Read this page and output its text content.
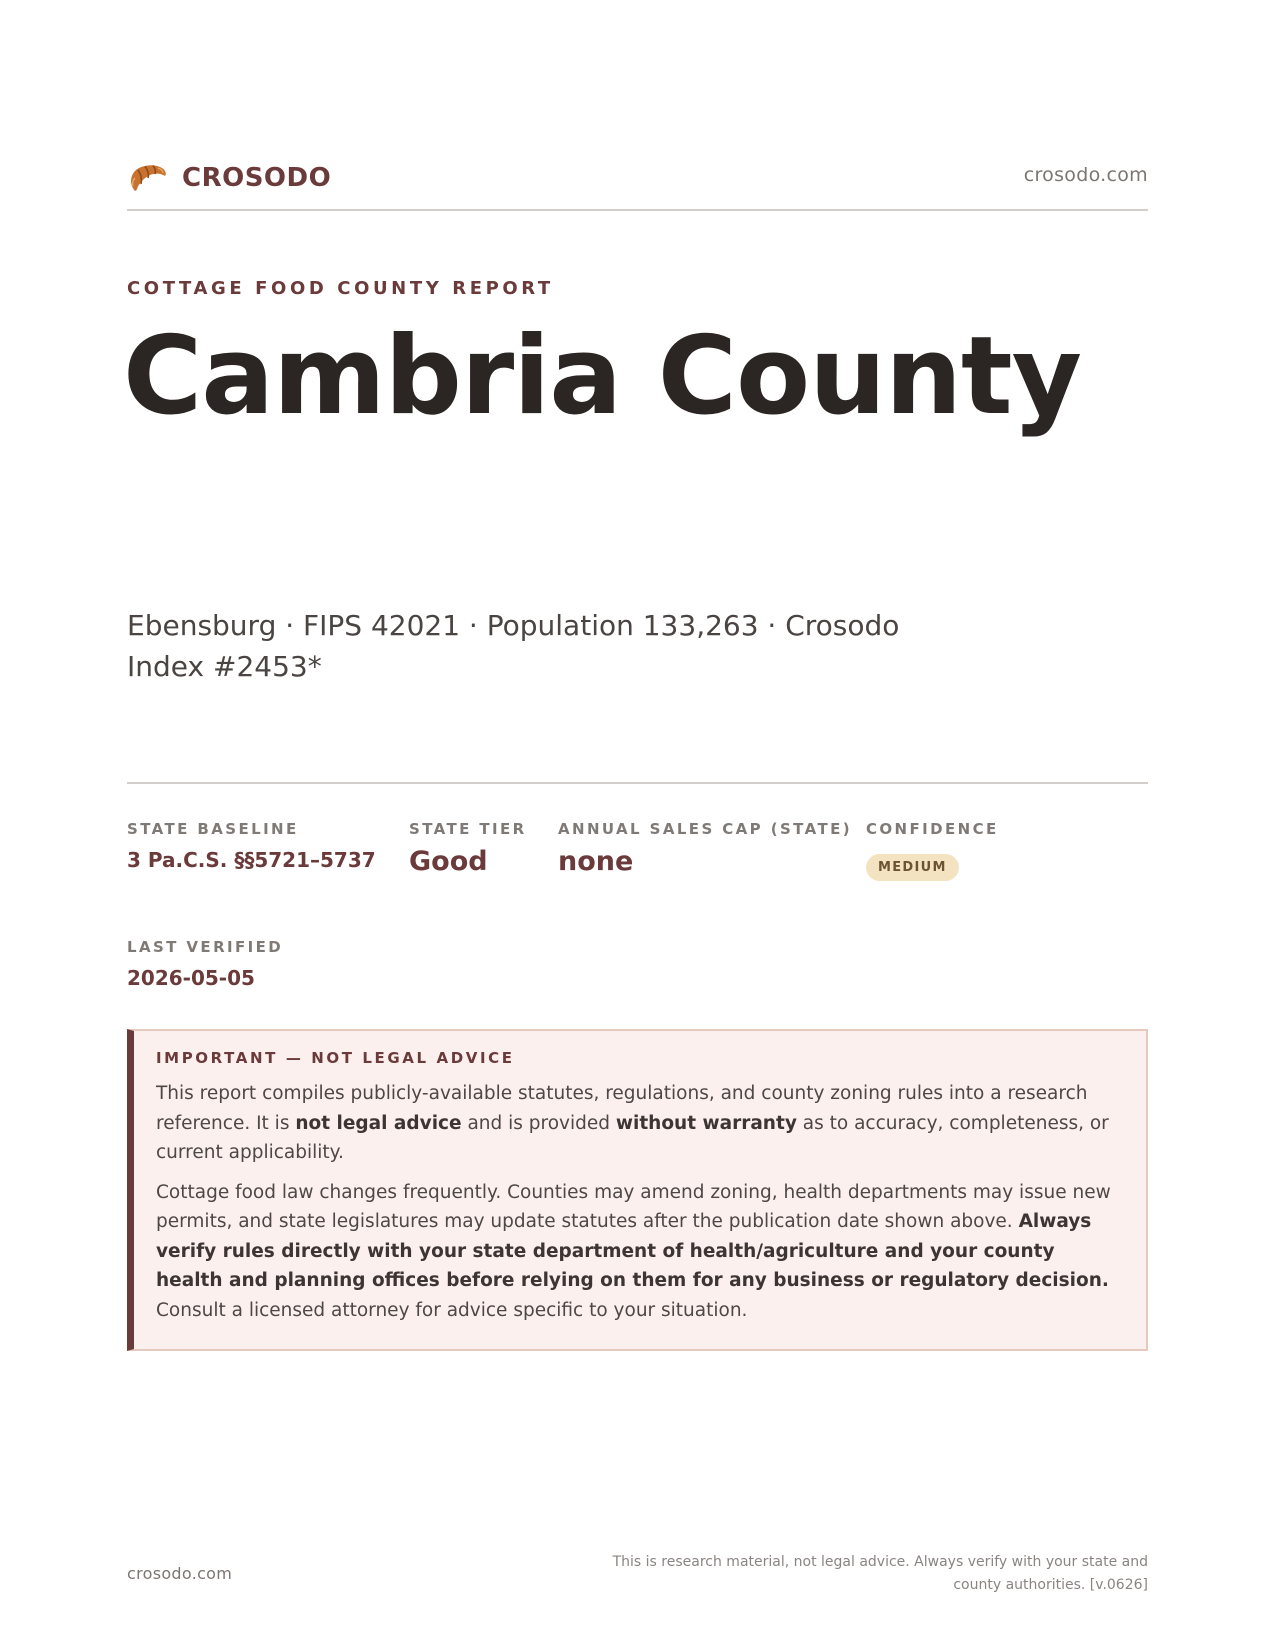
CROSODO	crosodo.com
COTTAGE FOOD COUNTY REPORT
Cambria County
Ebensburg · FIPS 42021 · Population 133,263 · Crosodo Index #2453*
STATE BASELINE
3 Pa.C.S. §§5721–5737
STATE TIER
Good
ANNUAL SALES CAP (STATE)
none
CONFIDENCE
MEDIUM
LAST VERIFIED
2026-05-05
IMPORTANT — NOT LEGAL ADVICE

This report compiles publicly-available statutes, regulations, and county zoning rules into a research reference. It is not legal advice and is provided without warranty as to accuracy, completeness, or current applicability.

Cottage food law changes frequently. Counties may amend zoning, health departments may issue new permits, and state legislatures may update statutes after the publication date shown above. Always verify rules directly with your state department of health/agriculture and your county health and planning offices before relying on them for any business or regulatory decision. Consult a licensed attorney for advice specific to your situation.

crosodo.com
This is research material, not legal advice. Always verify with your state and county authorities. [v.0626]
